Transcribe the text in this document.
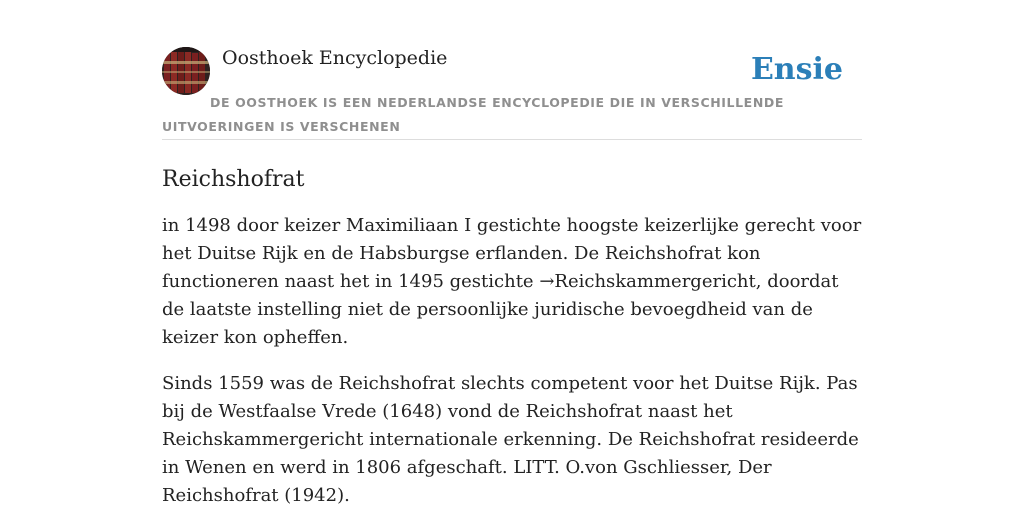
Oosthoek Encyclopedie	Ensie
DE OOSTHOEK IS EEN NEDERLANDSE ENCYCLOPEDIE DIE IN VERSCHILLENDE UITVOERINGEN IS VERSCHENEN
Reichshofrat

in 1498 door keizer Maximiliaan I gestichte hoogste keizerlijke gerecht voor het Duitse Rijk en de Habsburgse erflanden. De Reichshofrat kon functioneren naast het in 1495 gestichte →Reichskammergericht, doordat de laatste instelling niet de persoonlijke juridische bevoegdheid van de keizer kon opheffen.

Sinds 1559 was de Reichshofrat slechts competent voor het Duitse Rijk. Pas bij de Westfaalse Vrede (1648) vond de Reichshofrat naast het Reichskammergericht internationale erkenning. De Reichshofrat resideerde in Wenen en werd in 1806 afgeschaft. LITT. O.von Gschliesser, Der Reichshofrat (1942).
